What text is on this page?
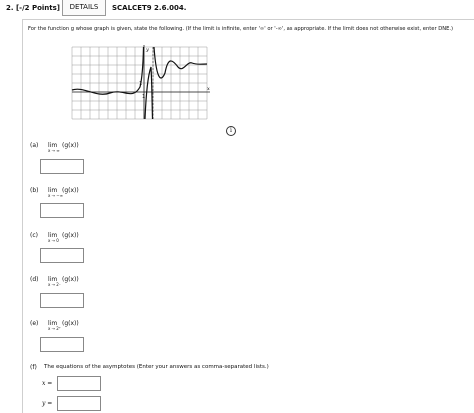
2. [-/2 Points]	DETAILS	SCALCET9 2.6.004.
For the function g whose graph is given, state the following. (If the limit is infinite, enter '∞' or '-∞', as appropriate. If the limit does not otherwise exist, enter DNE.)
y
x
1
1
i
(a) lim
x → ∞
(g(x))
(b) lim
x → −∞
(g(x))
(c) lim
x → 0
(g(x))
(d) lim
x → 2⁻
(g(x))
(e) lim
x → 2⁺
(g(x))
(f) The equations of the asymptotes (Enter your answers as comma-separated lists.)
x =
y =
